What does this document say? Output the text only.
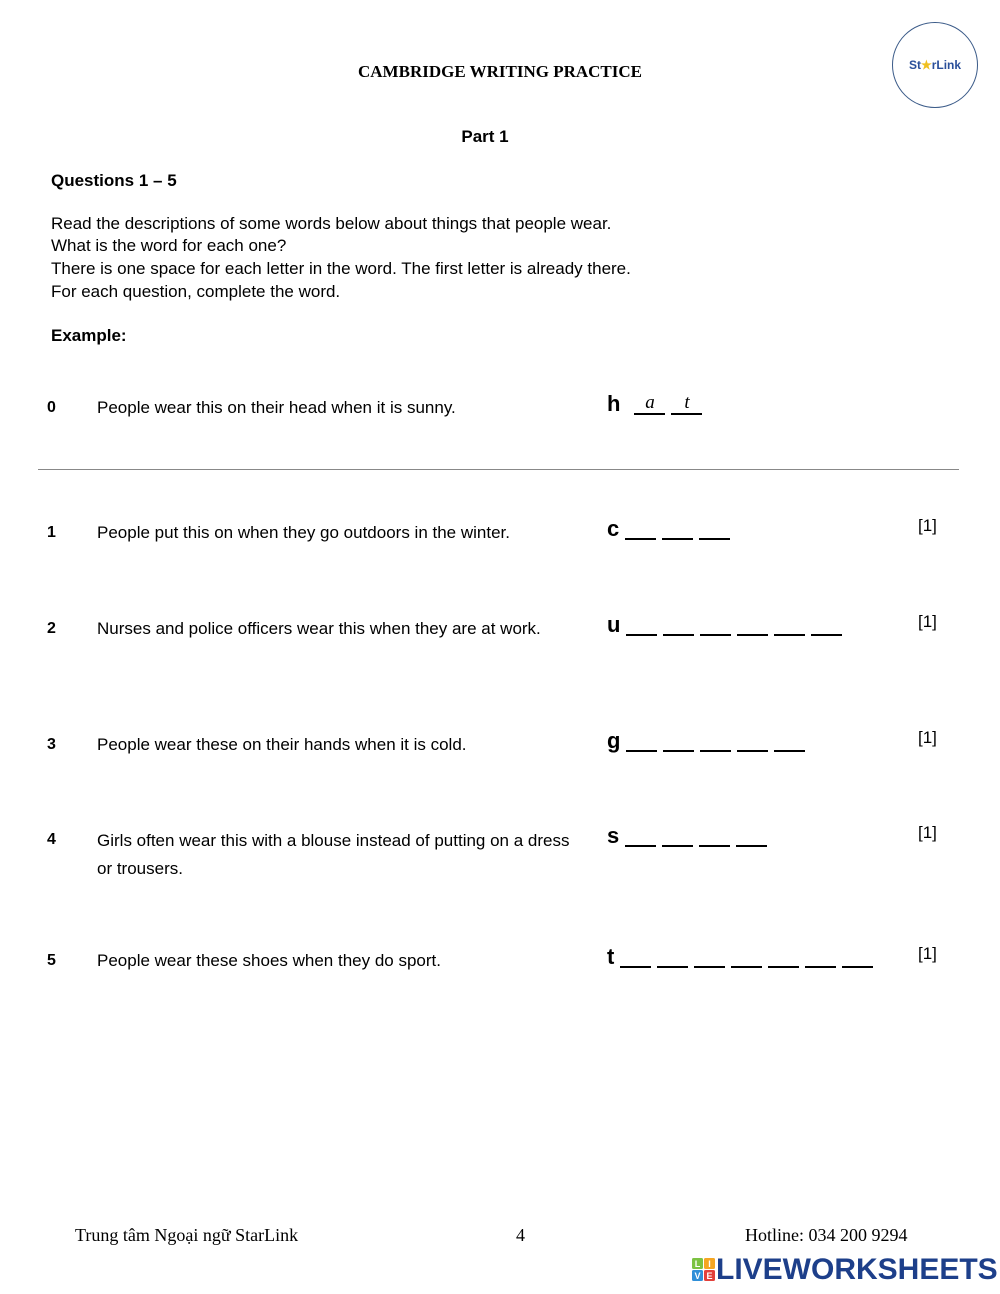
CAMBRIDGE WRITING PRACTICE	St★rLink
Part 1
Questions 1 – 5
Read the descriptions of some words below about things that people wear.
What is the word for each one?
There is one space for each letter in the word. The first letter is already there.
For each question, complete the word.
Example:
0 People wear this on their head when it is sunny.	h	a	t
1 People put this on when they go outdoors in the winter.	c	[1]
2 Nurses and police officers wear this when they are at work.	u	[1]
3 People wear these on their hands when it is cold.	g	[1]
4 Girls often wear this with a blouse instead of putting on a dress or trousers.
s	[1]
5 People wear these shoes when they do sport.	t	[1]
Trung tâm Ngoại ngữ StarLink	4	Hotline: 034 200 9294
L I
V E LIVEWORKSHEETS
